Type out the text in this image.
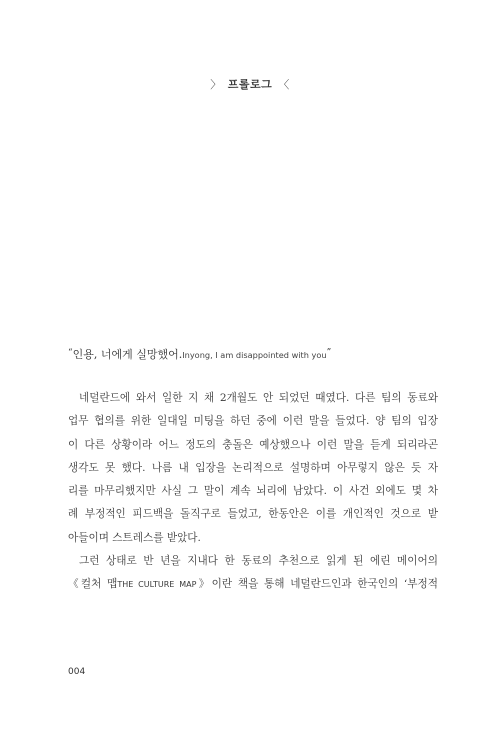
〉 프롤로그 〈
“인용, 너에게 실망했어.Inyong, I am disappointed with you”
네덜란드에 와서 일한 지 채 2개월도 안 되었던 때였다. 다른 팀의 동료와
업무 협의를 위한 일대일 미팅을 하던 중에 이런 말을 들었다. 양 팀의 입장
이 다른 상황이라 어느 정도의 충돌은 예상했으나 이런 말을 듣게 되리라곤
생각도 못 했다. 나름 내 입장을 논리적으로 설명하며 아무렇지 않은 듯 자
리를 마무리했지만 사실 그 말이 계속 뇌리에 남았다. 이 사건 외에도 몇 차
례 부정적인 피드백을 돌직구로 들었고, 한동안은 이를 개인적인 것으로 받
아들이며 스트레스를 받았다.
그런 상태로 반 년을 지내다 한 동료의 추천으로 읽게 된 에린 메이어의
《컬처 맵THE CULTURE MAP》이란 책을 통해 네덜란드인과 한국인의 ‘부정적
004
